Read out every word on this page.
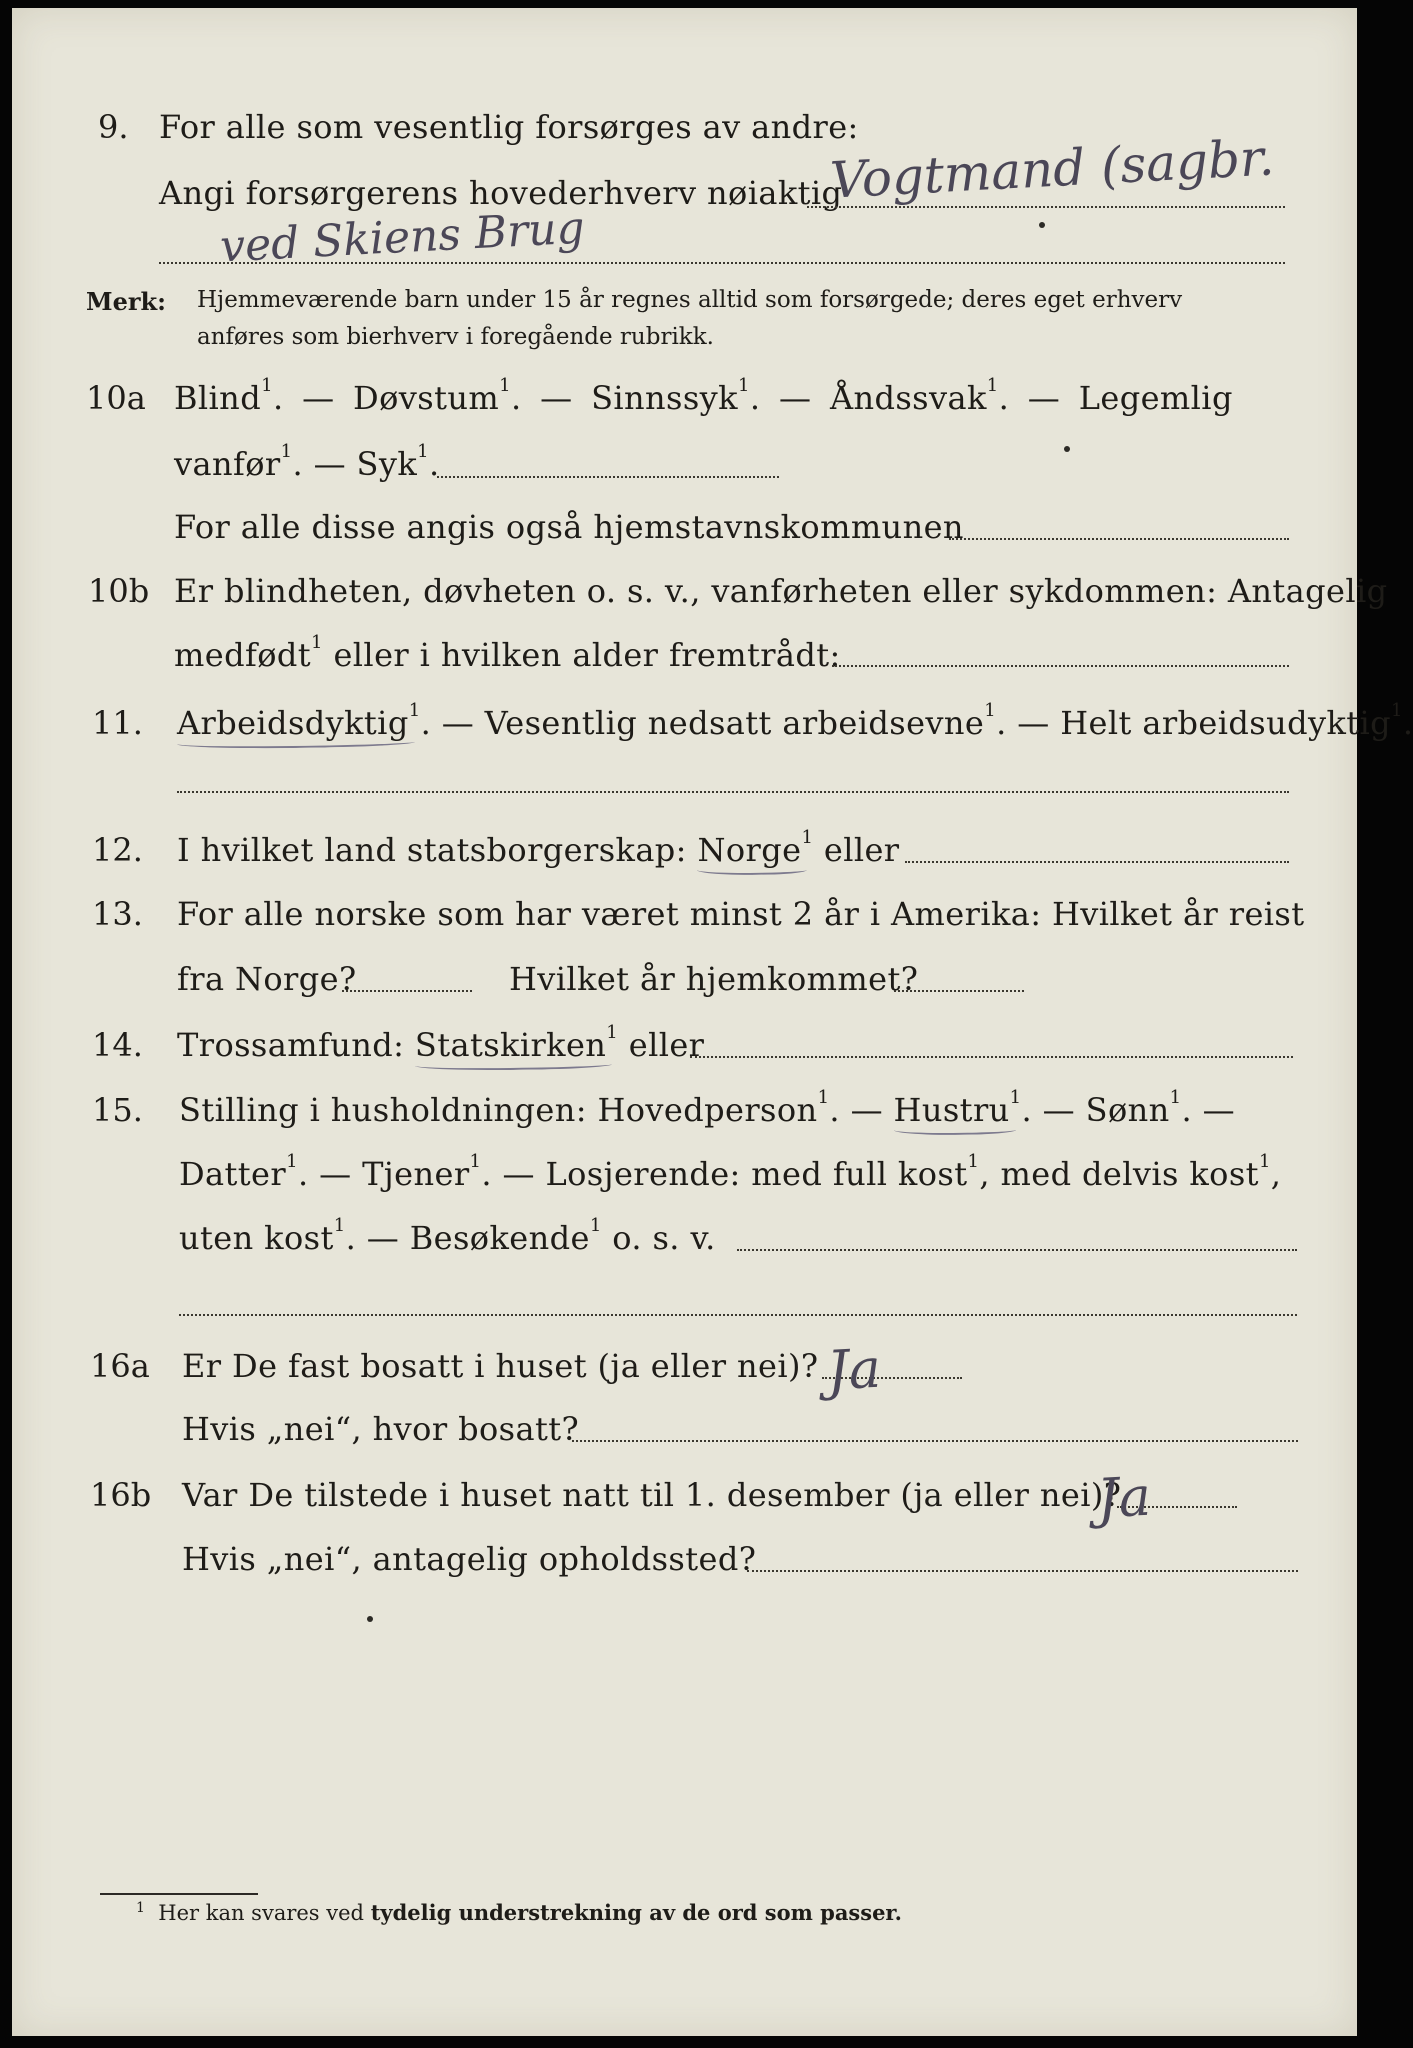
9. For alle som vesentlig forsørges av andre:
Angi forsørgerens hovederhverv nøiaktig
Vogtmand (sagbr.
ved Skiens Brug
Merk: Hjemmeværende barn under 15 år regnes alltid som forsørgede; deres eget erhverv
anføres som bierhverv i foregående rubrikk.
10a Blind$^1$. — Døvstum$^1$. — Sinnssyk$^1$. — Åndssvak$^1$. — Legemlig
vanfør$^1$. — Syk$^1$.
For alle disse angis også hjemstavnskommunen
10b Er blindheten, døvheten o. s. v., vanførheten eller sykdommen: Antagelig
medfødt$^1$ eller i hvilken alder fremtrådt:
11. Arbeidsdyktig$^1$. — Vesentlig nedsatt arbeidsevne$^1$. — Helt arbeidsudyktig$^1$.
12. I hvilket land statsborgerskap: Norge$^1$ eller
13. For alle norske som har været minst 2 år i Amerika: Hvilket år reist
fra Norge?	Hvilket år hjemkommet?
14. Trossamfund: Statskirken$^1$ eller
15. Stilling i husholdningen: Hovedperson$^1$. — Hustru$^1$. — Sønn$^1$. —
Datter$^1$. — Tjener$^1$. — Losjerende: med full kost$^1$, med delvis kost$^1$,
uten kost$^1$. — Besøkende$^1$ o. s. v.
16a Er De fast bosatt i huset (ja eller nei)? Ja
Hvis „nei“, hvor bosatt?
16b Var De tilstede i huset natt til 1. desember (ja eller nei)?
Ja
Hvis „nei“, antagelig opholdssted?
$^1$ Her kan svares ved tydelig understrekning av de ord som passer.
